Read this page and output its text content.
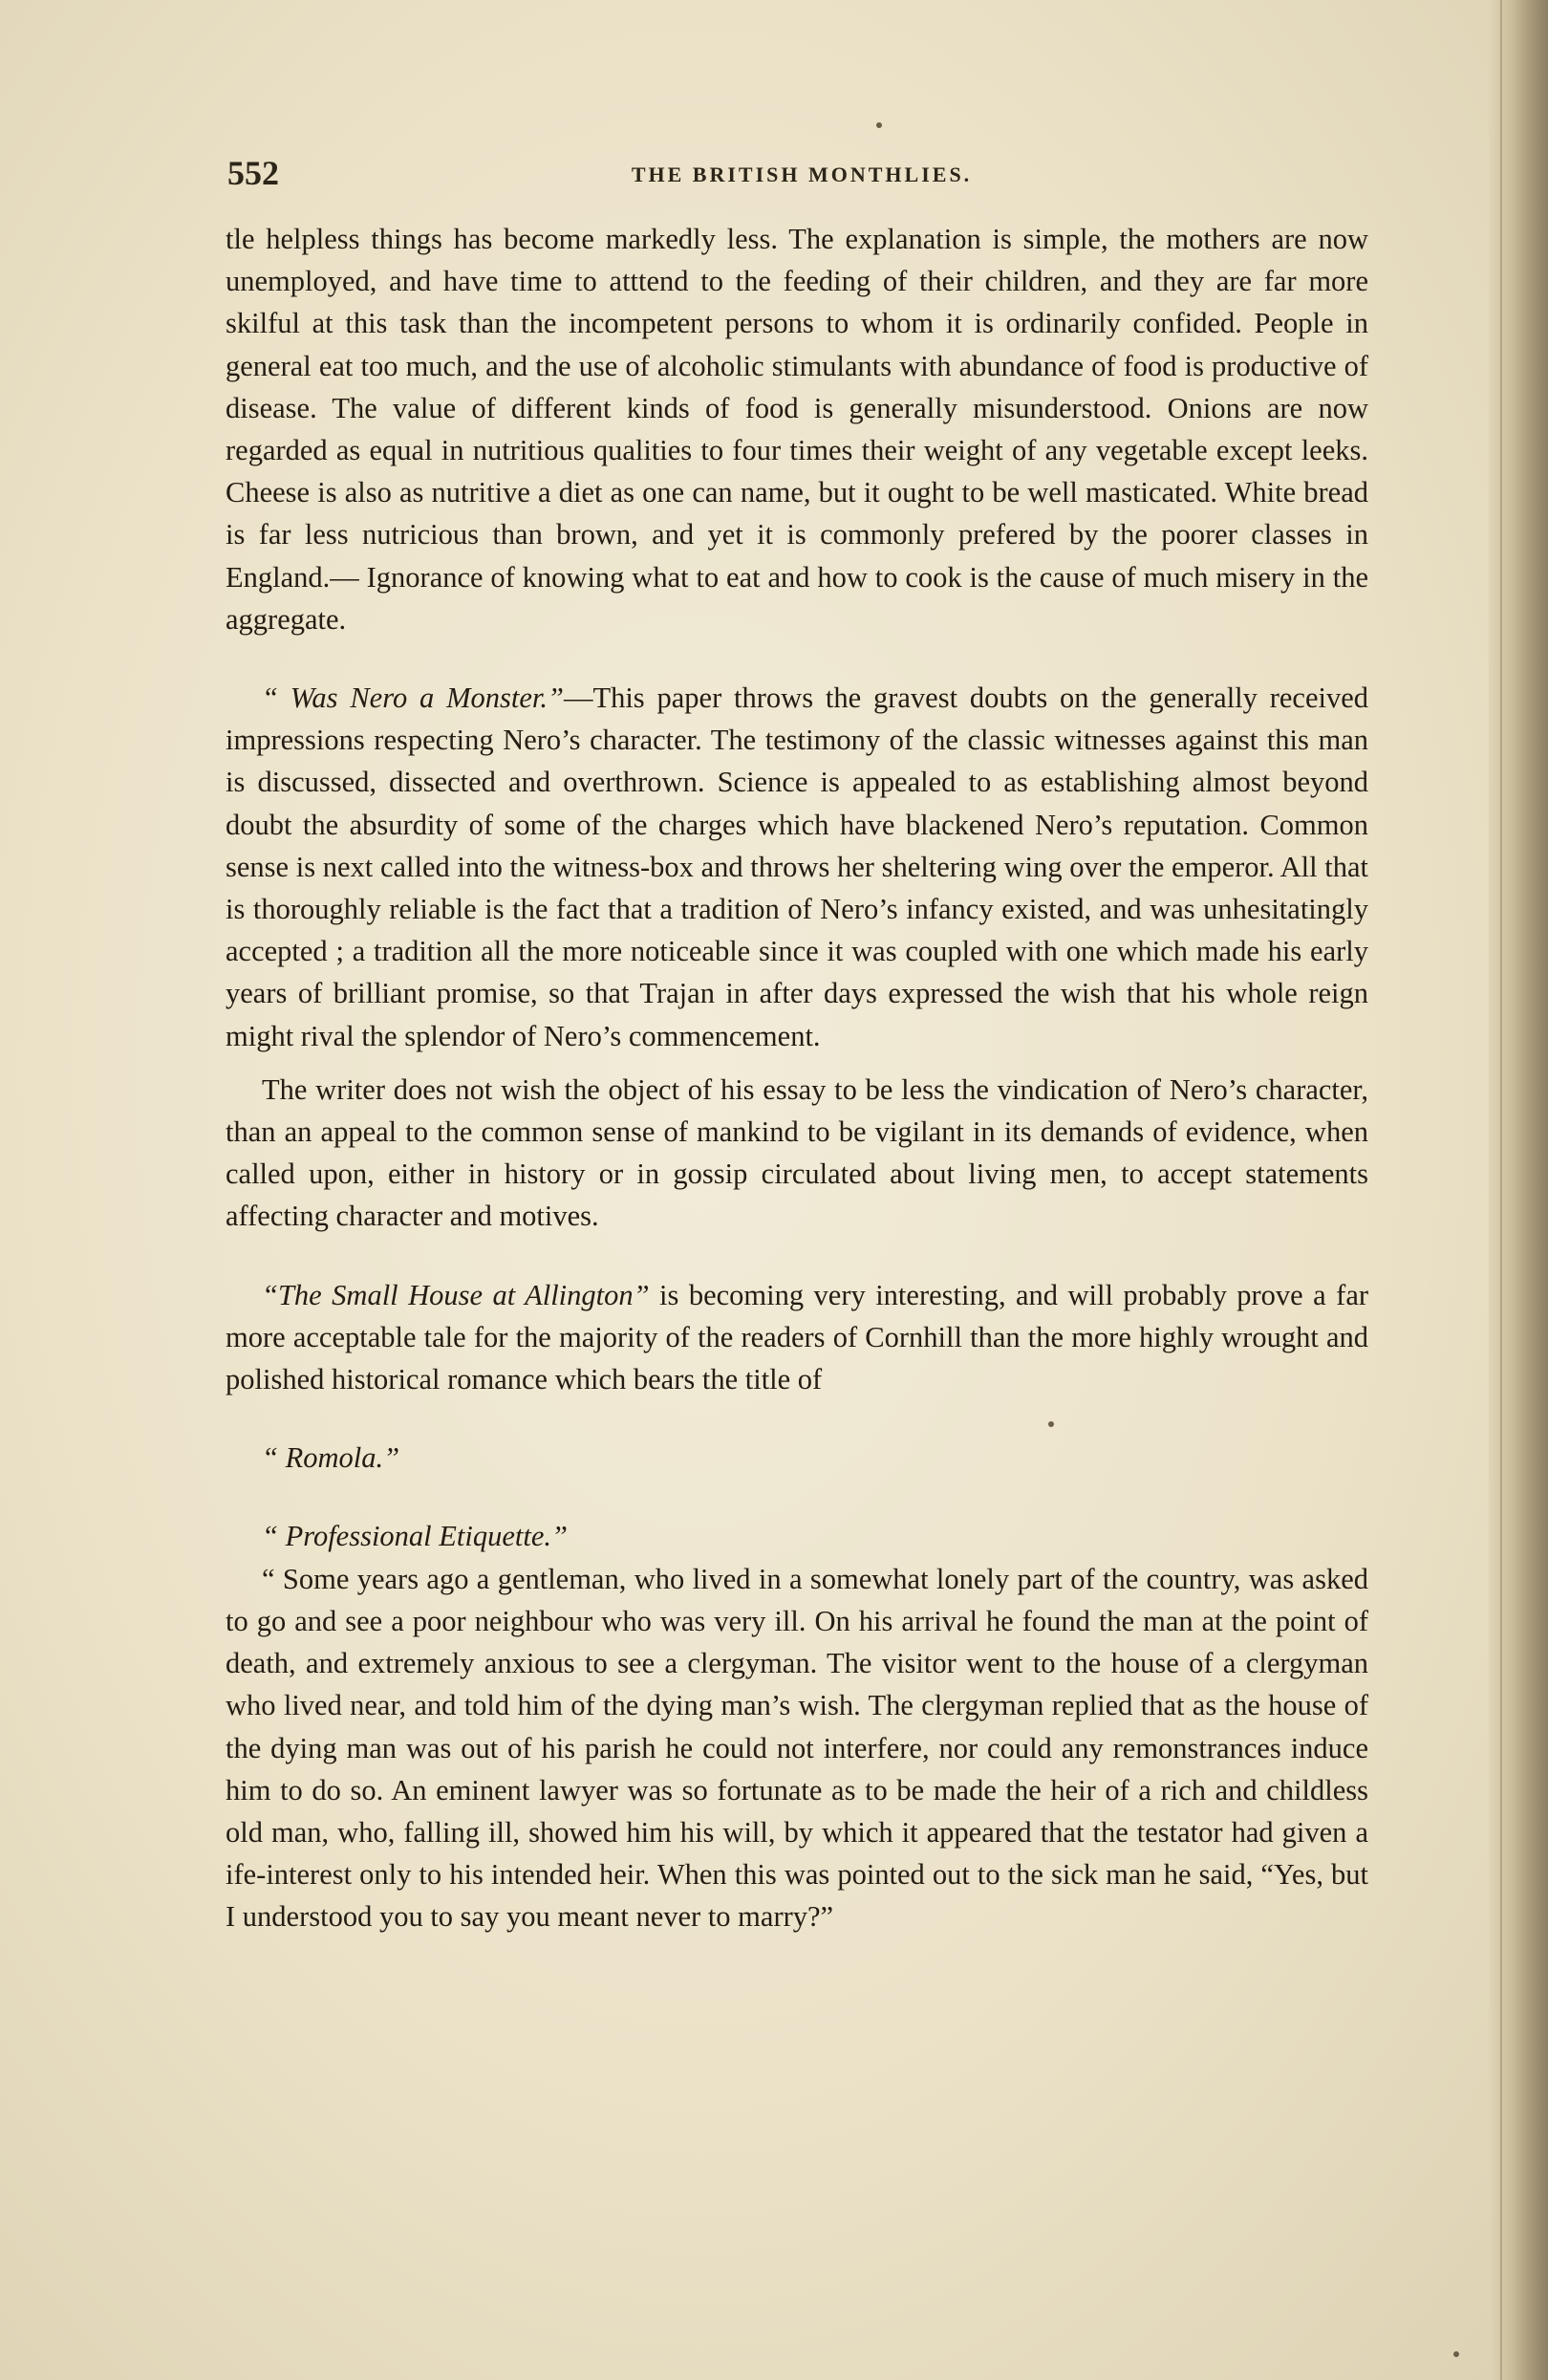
552	THE BRITISH MONTHLIES.

tle helpless things has become markedly less. The explanation is simple, the mothers are now unemployed, and have time to atttend to the feeding of their children, and they are far more skilful at this task than the incompetent persons to whom it is ordinarily confided. People in general eat too much, and the use of alcoholic stimulants with abundance of food is productive of disease. The value of different kinds of food is generally misunderstood. Onions are now regarded as equal in nutritious qualities to four times their weight of any vegetable except leeks. Cheese is also as nutritive a diet as one can name, but it ought to be well masticated. White bread is far less nutricious than brown, and yet it is commonly prefered by the poorer classes in England.— Ignorance of knowing what to eat and how to cook is the cause of much misery in the aggregate.

“ Was Nero a Monster.”—This paper throws the gravest doubts on the generally received impressions respecting Nero’s character. The testimony of the classic witnesses against this man is discussed, dissected and overthrown. Science is appealed to as establishing almost beyond doubt the absurdity of some of the charges which have blackened Nero’s reputation. Common sense is next called into the witness-box and throws her sheltering wing over the emperor. All that is thoroughly reliable is the fact that a tradition of Nero’s infancy existed, and was unhesitatingly accepted ; a tradition all the more noticeable since it was coupled with one which made his early years of brilliant promise, so that Trajan in after days expressed the wish that his whole reign might rival the splendor of Nero’s commencement.

The writer does not wish the object of his essay to be less the vindication of Nero’s character, than an appeal to the common sense of mankind to be vigilant in its demands of evidence, when called upon, either in history or in gossip circulated about living men, to accept statements affecting character and motives.

“The Small House at Allington” is becoming very interesting, and will probably prove a far more acceptable tale for the majority of the readers of Cornhill than the more highly wrought and polished historical romance which bears the title of

“ Romola.”

“ Professional Etiquette.”

“ Some years ago a gentleman, who lived in a somewhat lonely part of the country, was asked to go and see a poor neighbour who was very ill. On his arrival he found the man at the point of death, and extremely anxious to see a clergyman. The visitor went to the house of a clergyman who lived near, and told him of the dying man’s wish. The clergyman replied that as the house of the dying man was out of his parish he could not interfere, nor could any remonstrances induce him to do so. An eminent lawyer was so fortunate as to be made the heir of a rich and childless old man, who, falling ill, showed him his will, by which it appeared that the testator had given a ife-interest only to his intended heir. When this was pointed out to the sick man he said, “Yes, but I understood you to say you meant never to marry?”
